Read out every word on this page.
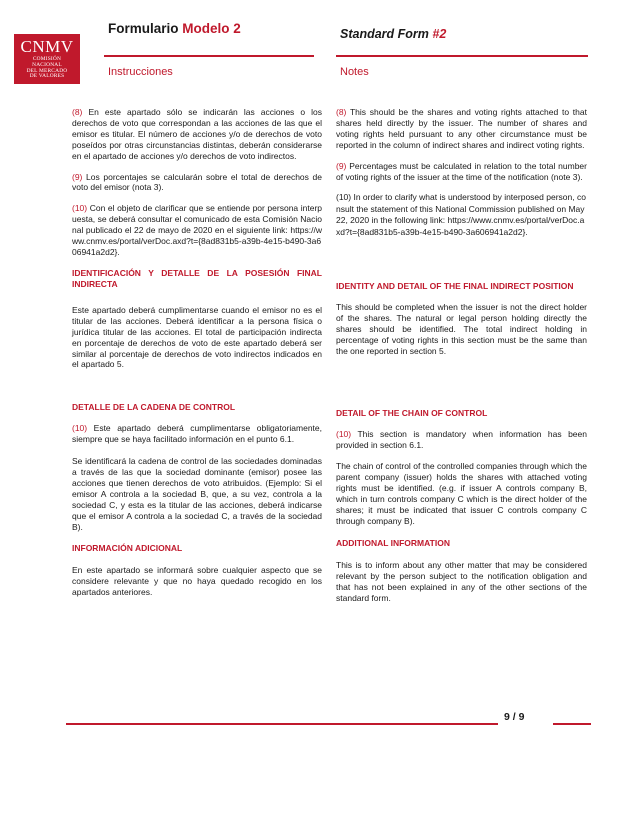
CNMV
COMISIÓN
NACIONAL
DEL MERCADO
DE VALORES
Formulario Modelo 2	Standard Form #2
Instrucciones	Notes

(8) En este apartado sólo se indicarán las acciones o los derechos de voto que correspondan a las acciones de las que el emisor es titular. El número de acciones y/o de derechos de voto poseídos por otras circunstancias distintas, deberán considerarse en el apartado de acciones y/o derechos de voto indirectos.

(9) Los porcentajes se calcularán sobre el total de derechos de voto del emisor (nota 3).

(10) Con el objeto de clarificar que se entiende por persona interpuesta, se deberá consultar el comunicado de esta Comisión Nacional publicado el 22 de mayo de 2020 en el siguiente link: https://www.cnmv.es/portal/verDoc.axd?t={8ad831b5-a39b-4e15-b490-3a606941a2d2}.

IDENTIFICACIÓN Y DETALLE DE LA POSESIÓN FINAL INDIRECTA

Este apartado deberá cumplimentarse cuando el emisor no es el titular de las acciones. Deberá identificar a la persona física o jurídica titular de las acciones. El total de participación indirecta en porcentaje de derechos de voto de este apartado deberá ser similar al porcentaje de derechos de voto indirectos indicados en el apartado 5.

DETALLE DE LA CADENA DE CONTROL

(10) Este apartado deberá cumplimentarse obligatoriamente, siempre que se haya facilitado información en el punto 6.1.

Se identificará la cadena de control de las sociedades dominadas a través de las que la sociedad dominante (emisor) posee las acciones que tienen derechos de voto atribuidos. (Ejemplo: Si el emisor A controla a la sociedad B, que, a su vez, controla a la sociedad C, y esta es la titular de las acciones, deberá indicarse que el emisor A controla a la sociedad C, a través de la sociedad B).

INFORMACIÓN ADICIONAL

En este apartado se informará sobre cualquier aspecto que se considere relevante y que no haya quedado recogido en los apartados anteriores.

(8) This should be the shares and voting rights attached to that shares held directly by the issuer. The number of shares and voting rights held pursuant to any other circumstance must be reported in the column of indirect shares and indirect voting rights.

(9) Percentages must be calculated in relation to the total number of voting rights of the issuer at the time of the notification (note 3).

(10) In order to clarify what is understood by interposed person, consult the statement of this National Commission published on May 22, 2020 in the following link: https://www.cnmv.es/portal/verDoc.axd?t={8ad831b5-a39b-4e15-b490-3a606941a2d2}.

IDENTITY AND DETAIL OF THE FINAL INDIRECT POSITION

This should be completed when the issuer is not the direct holder of the shares. The natural or legal person holding directly the shares should be identified. The total indirect holding in percentage of voting rights in this section must be the same than the one reported in section 5.

DETAIL OF THE CHAIN OF CONTROL

(10) This section is mandatory when information has been provided in section 6.1.

The chain of control of the controlled companies through which the parent company (issuer) holds the shares with attached voting rights must be identified. (e.g. if issuer A controls company B, which in turn controls company C which is the direct holder of the shares; it must be indicated that issuer C controls company C through company B).

ADDITIONAL INFORMATION

This is to inform about any other matter that may be considered relevant by the person subject to the notification obligation and that has not been explained in any of the other sections of the standard form.

9 / 9
